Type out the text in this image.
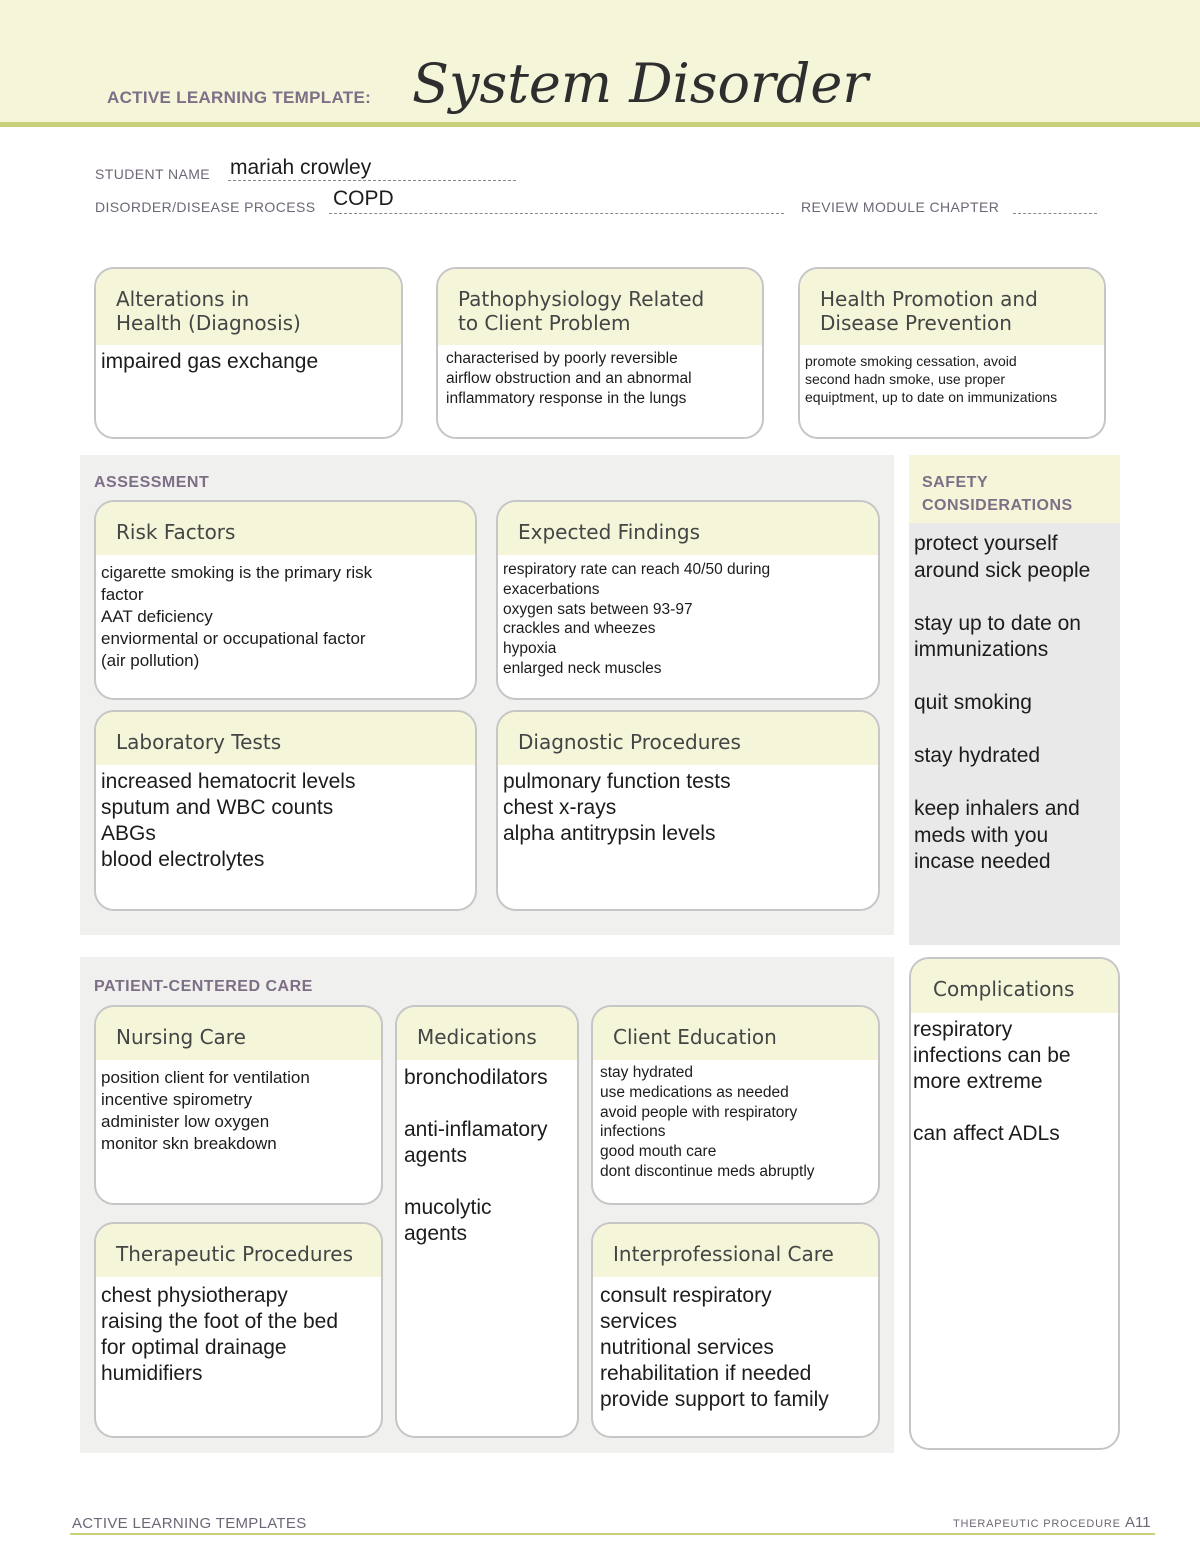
ACTIVE LEARNING TEMPLATE: System Disorder
STUDENT NAME mariah crowley
DISORDER/DISEASE PROCESS COPD	REVIEW MODULE CHAPTER
Alterations in
Health (Diagnosis)
impaired gas exchange
Pathophysiology Related
to Client Problem
characterised by poorly reversible
airflow obstruction and an abnormal
inflammatory response in the lungs
Health Promotion and
Disease Prevention
promote smoking cessation, avoid
second hadn smoke, use proper
equiptment, up to date on immunizations
ASSESSMENT
Risk Factors
cigarette smoking is the primary risk
factor
AAT deficiency
enviormental or occupational factor
(air pollution)
Expected Findings
respiratory rate can reach 40/50 during
exacerbations
oxygen sats between 93-97
crackles and wheezes
hypoxia
enlarged neck muscles
Laboratory Tests
increased hematocrit levels
sputum and WBC counts
ABGs
blood electrolytes
Diagnostic Procedures
pulmonary function tests
chest x-rays
alpha antitrypsin levels
SAFETY
CONSIDERATIONS
protect yourself
around sick people

stay up to date on
immunizations

quit smoking

stay hydrated

keep inhalers and
meds with you
incase needed
PATIENT-CENTERED CARE
Nursing Care
position client for ventilation
incentive spirometry
administer low oxygen
monitor skn breakdown
Medications
bronchodilators

anti-inflamatory
agents

mucolytic
agents
Client Education
stay hydrated
use medications as needed
avoid people with respiratory
infections
good mouth care
dont discontinue meds abruptly
Therapeutic Procedures
chest physiotherapy
raising the foot of the bed
for optimal drainage
humidifiers
Interprofessional Care
consult respiratory
services
nutritional services
rehabilitation if needed
provide support to family
Complications
respiratory
infections can be
more extreme

can affect ADLs
ACTIVE LEARNING TEMPLATES	THERAPEUTIC PROCEDURE A11
